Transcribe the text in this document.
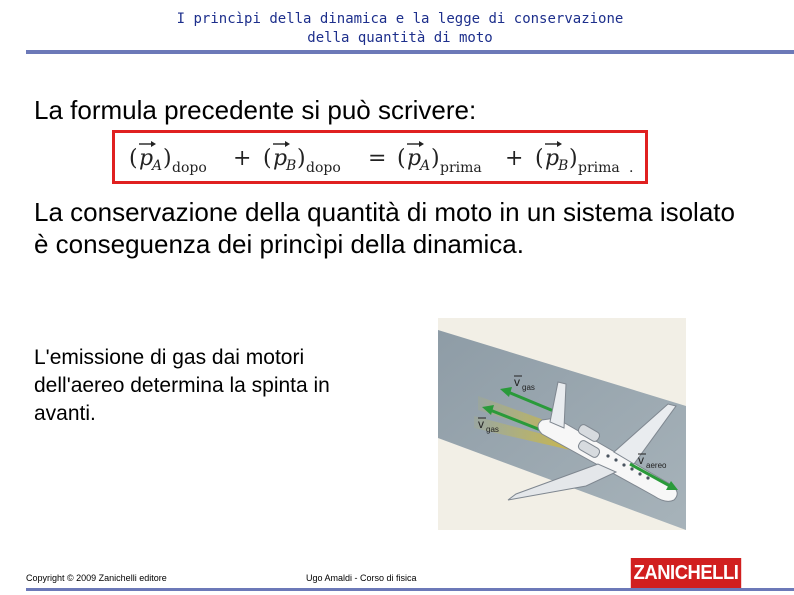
I princìpi della dinamica e la legge di conservazione
della quantità di moto
La formula precedente si può scrivere:
( p
A ) dopo + ( p
B ) dopo = ( p
A ) prima + ( p
B ) prima .
La conservazione della quantità di moto in un sistema isolato è conseguenza dei princìpi della dinamica.
L'emissione di gas dai motori dell'aereo determina la spinta in avanti.
v gas
v gas
v aereo
Copyright © 2009 Zanichelli editore	Ugo Amaldi - Corso di fisica	ZANICHELLI
